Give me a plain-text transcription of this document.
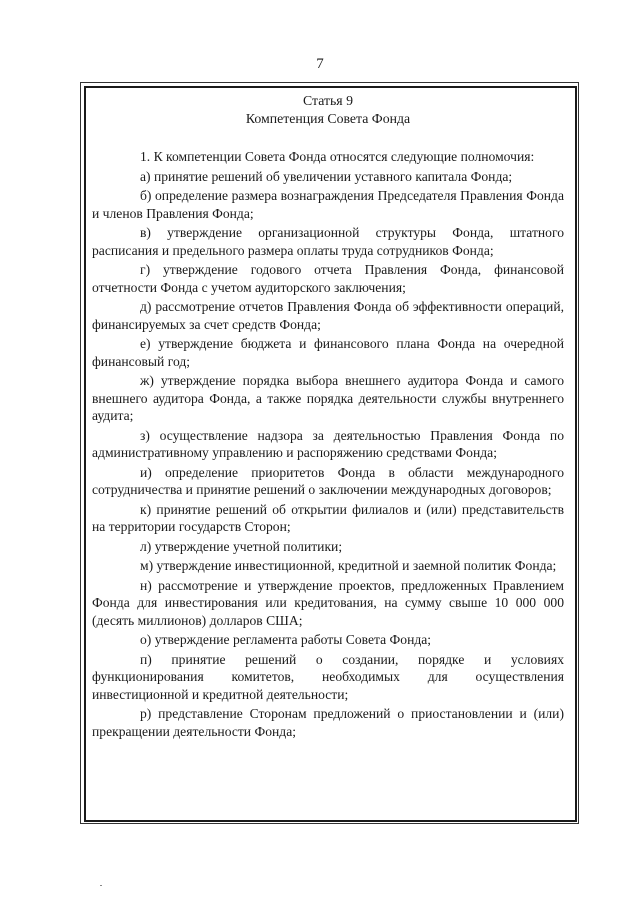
7

Статья 9

Компетенция Совета Фонда

1. К компетенции Совета Фонда относятся следующие полномочия:

а) принятие решений об увеличении уставного капитала Фонда;

б) определение размера вознаграждения Председателя Правления Фонда и членов Правления Фонда;

в) утверждение организационной структуры Фонда, штатного расписания и предельного размера оплаты труда сотрудников Фонда;

г) утверждение годового отчета Правления Фонда, финансовой отчетности Фонда с учетом аудиторского заключения;

д) рассмотрение отчетов Правления Фонда об эффективности операций, финансируемых за счет средств Фонда;

е) утверждение бюджета и финансового плана Фонда на очередной финансовый год;

ж) утверждение порядка выбора внешнего аудитора Фонда и самого внешнего аудитора Фонда, а также порядка деятельности службы внутреннего аудита;

з) осуществление надзора за деятельностью Правления Фонда по административному управлению и распоряжению средствами Фонда;

и) определение приоритетов Фонда в области международного сотрудничества и принятие решений о заключении международных договоров;

к) принятие решений об открытии филиалов и (или) представительств на территории государств Сторон;

л) утверждение учетной политики;

м) утверждение инвестиционной, кредитной и заемной политик Фонда;

н) рассмотрение и утверждение проектов, предложенных Правлением Фонда для инвестирования или кредитования, на сумму свыше 10 000 000 (десять миллионов) долларов США;

о) утверждение регламента работы Совета Фонда;

п) принятие решений о создании, порядке и условиях функционирования комитетов, необходимых для осуществления инвестиционной и кредитной деятельности;

р) представление Сторонам предложений о приостановлении и (или) прекращении деятельности Фонда;
